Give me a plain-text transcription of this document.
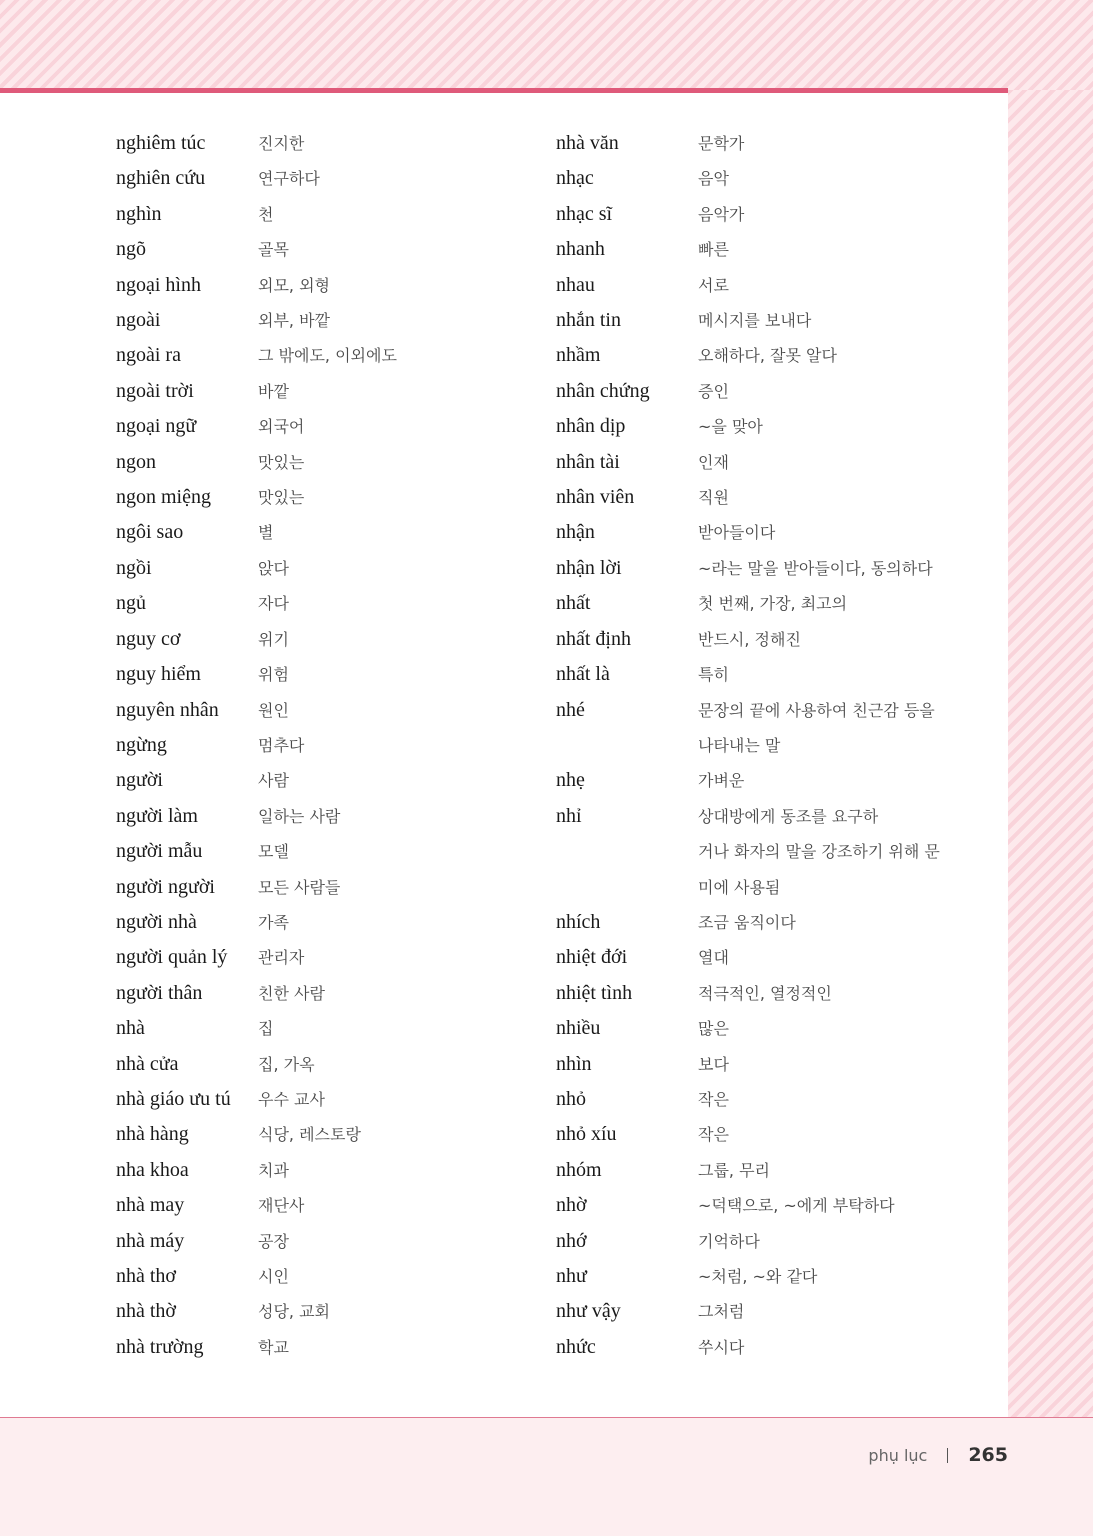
nghiêm túc	진지한
nghiên cứu	연구하다
nghìn	천
ngõ	골목
ngoại hình	외모, 외형
ngoài	외부, 바깥
ngoài ra	그 밖에도, 이외에도
ngoài trời	바깥
ngoại ngữ	외국어
ngon	맛있는
ngon miệng	맛있는
ngôi sao	별
ngồi	앉다
ngủ	자다
nguy cơ	위기
nguy hiểm	위험
nguyên nhân	원인
ngừng	멈추다
người	사람
người làm	일하는 사람
người mẫu	모델
người người	모든 사람들
người nhà	가족
người quản lý	관리자
người thân	친한 사람
nhà	집
nhà cửa	집, 가옥
nhà giáo ưu tú	우수 교사
nhà hàng	식당, 레스토랑
nha khoa	치과
nhà may	재단사
nhà máy	공장
nhà thơ	시인
nhà thờ	성당, 교회
nhà trường	학교
nhà văn	문학가
nhạc	음악
nhạc sĩ	음악가
nhanh	빠른
nhau	서로
nhắn tin	메시지를 보내다
nhầm	오해하다, 잘못 알다
nhân chứng	증인
nhân dịp	~을 맞아
nhân tài	인재
nhân viên	직원
nhận	받아들이다
nhận lời	~라는 말을 받아들이다, 동의하다
nhất	첫 번째, 가장, 최고의
nhất định	반드시, 정해진
nhất là	특히
nhé	문장의 끝에 사용하여 친근감 등을
나타내는 말
nhẹ	가벼운
nhỉ	상대방에게 동조를 요구하
거나 화자의 말을 강조하기 위해 문
미에 사용됨
nhích	조금 움직이다
nhiệt đới	열대
nhiệt tình	적극적인, 열정적인
nhiều	많은
nhìn	보다
nhỏ	작은
nhỏ xíu	작은
nhóm	그룹, 무리
nhờ	~덕택으로, ~에게 부탁하다
nhớ	기억하다
như	~처럼, ~와 같다
như vậy	그처럼
nhức	쑤시다
phụ lục 265
